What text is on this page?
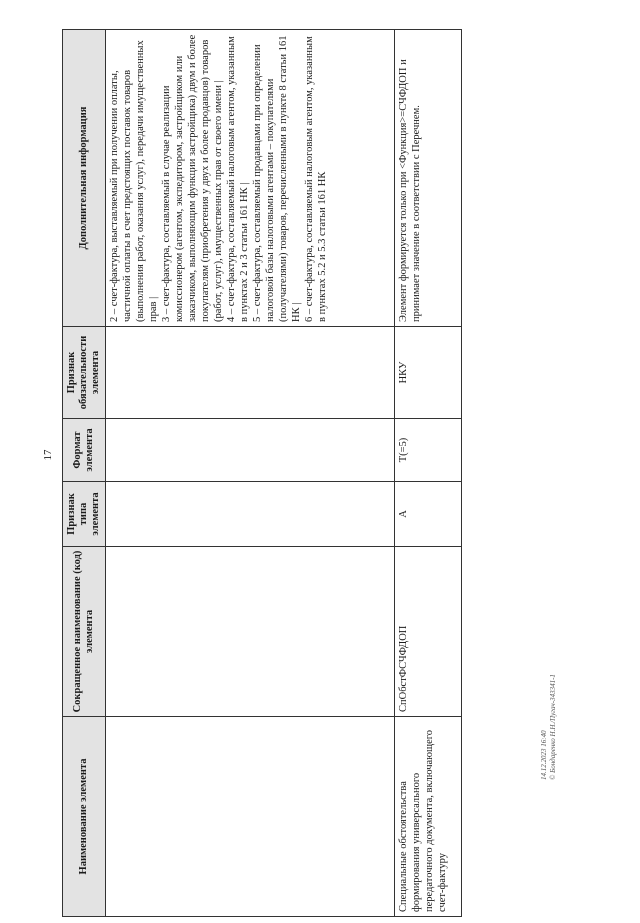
17
14.12.2023 16:40
© Бондаренко Н.Н./Пугач-343341-1
Наименование элемента	Сокращенное наименование (код) элемента	Признак типа элемента	Формат элемента	Признак обязательности элемента	Дополнительная информация

					2 – счет-фактура, выставляемый при получении оплаты, частичной оплаты в счет предстоящих поставок товаров (выполнения работ, оказания услуг), передачи имущественных прав | 3 – счет-фактура, составляемый в случае реализации комиссионером (агентом, экспедитором, застройщиком или заказчиком, выполняющим функции застройщика) двум и более покупателям (приобретения у двух и более продавцов) товаров (работ, услуг), имущественных прав от своего имени | 4 – счет-фактура, составляемый налоговым агентом, указанным в пунктах 2 и 3 статьи 161 НК | 5 – счет-фактура, составляемый продавцами при определении налоговой базы налоговыми агентами – покупателями (получателями) товаров, перечисленными в пункте 8 статьи 161 НК | 6 – счет-фактура, составляемый налоговым агентом, указанным в пунктах 5.2 и 5.3 статьи 161 НК

Специальные обстоятельства формирования универсального передаточного документа, включающего счет-фактуру	СпОбстФСЧФДОП	А	T(=5)	НКУ	Элемент формируется только при <Функция>=СЧФДОП и принимает значение в соответствии с Перечнем.
